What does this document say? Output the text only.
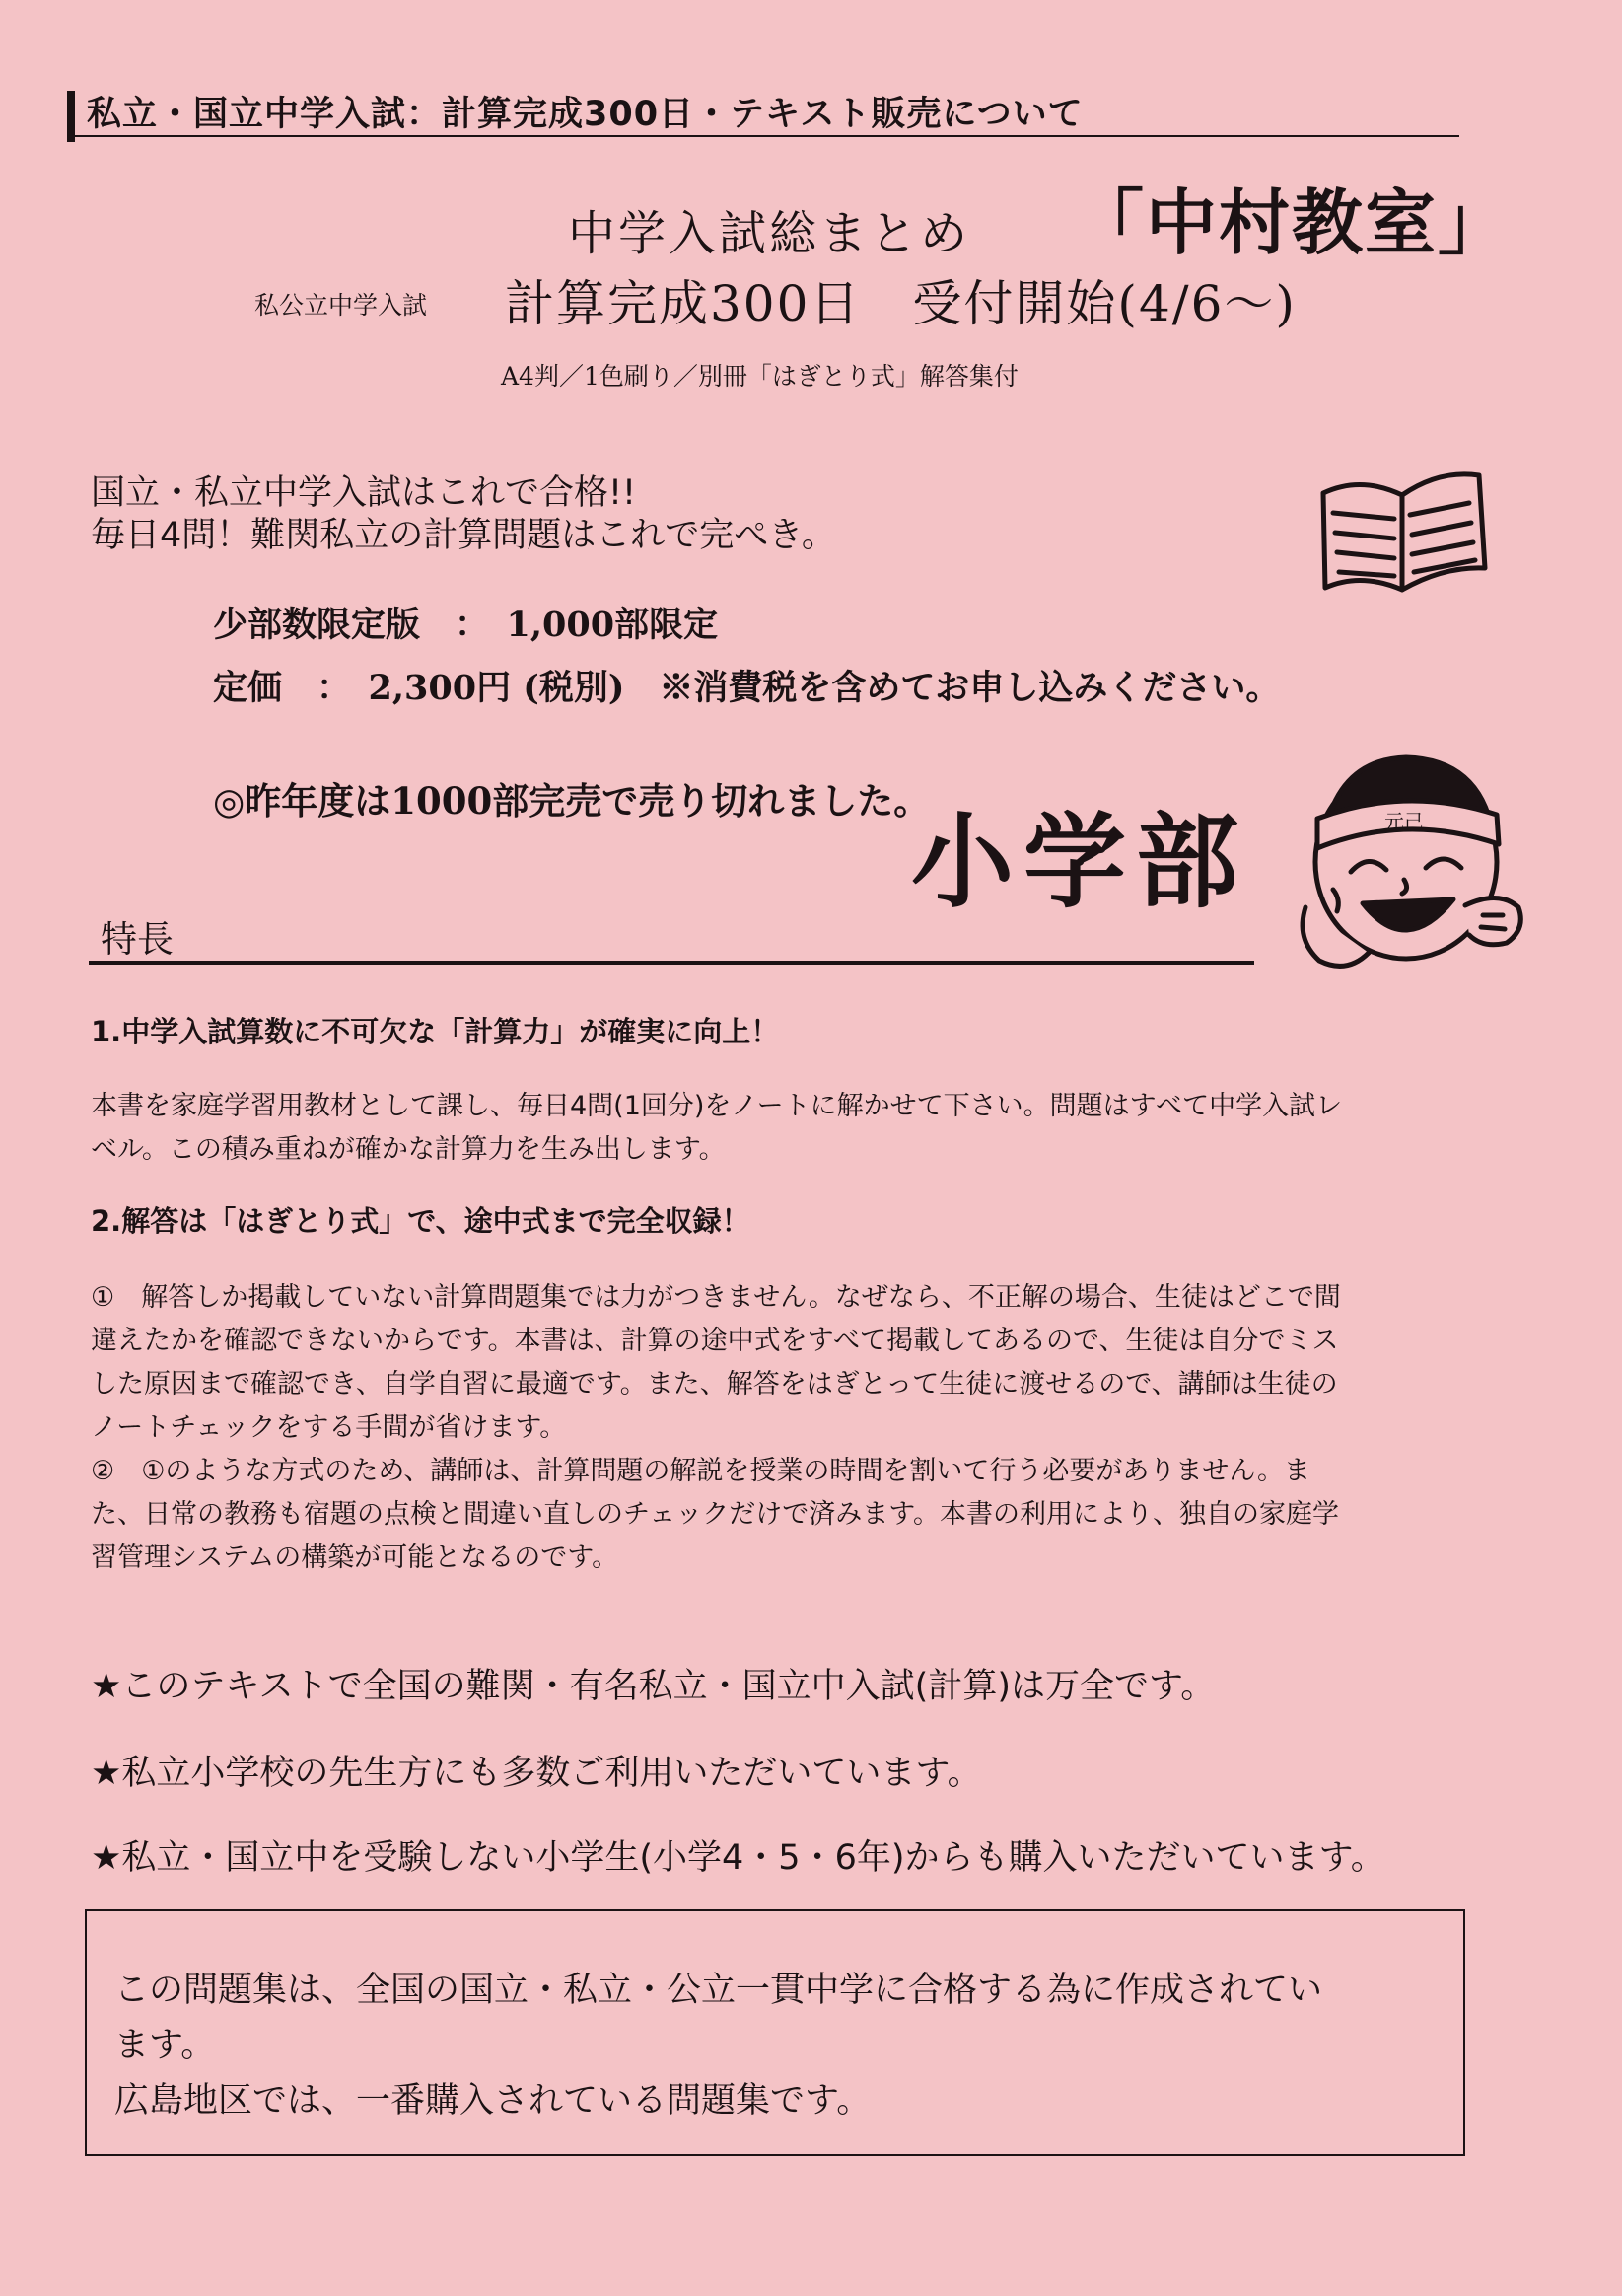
私立・国立中学入試：計算完成300日・テキスト販売について

中学入試総まとめ 「中村教室」

私公立中学入試 計算完成300日　受付開始(4/6〜)

A4判／1色刷り／別冊「はぎとり式」解答集付

国立・私立中学入試はこれで合格!!

毎日4問！難関私立の計算問題はこれで完ぺき。

少部数限定版　：　1,000部限定

定価　：　2,300円 (税別)　※消費税を含めてお申し込みください。

◎昨年度は1000部完売で売り切れました。

小学部	元己

特長

1.中学入試算数に不可欠な「計算力」が確実に向上！

本書を家庭学習用教材として課し、毎日4問(1回分)をノートに解かせて下さい。問題はすべて中学入試レ

ベル。この積み重ねが確かな計算力を生み出します。

2.解答は「はぎとり式」で、途中式まで完全収録！

①　解答しか掲載していない計算問題集では力がつきません。なぜなら、不正解の場合、生徒はどこで間

違えたかを確認できないからです。本書は、計算の途中式をすべて掲載してあるので、生徒は自分でミス

した原因まで確認でき、自学自習に最適です。また、解答をはぎとって生徒に渡せるので、講師は生徒の

ノートチェックをする手間が省けます。

②　①のような方式のため、講師は、計算問題の解説を授業の時間を割いて行う必要がありません。ま

た、日常の教務も宿題の点検と間違い直しのチェックだけで済みます。本書の利用により、独自の家庭学

習管理システムの構築が可能となるのです。

★このテキストで全国の難関・有名私立・国立中入試(計算)は万全です。

★私立小学校の先生方にも多数ご利用いただいています。

★私立・国立中を受験しない小学生(小学4・5・6年)からも購入いただいています。

この問題集は、全国の国立・私立・公立一貫中学に合格する為に作成されてい

ます。

広島地区では、一番購入されている問題集です。
